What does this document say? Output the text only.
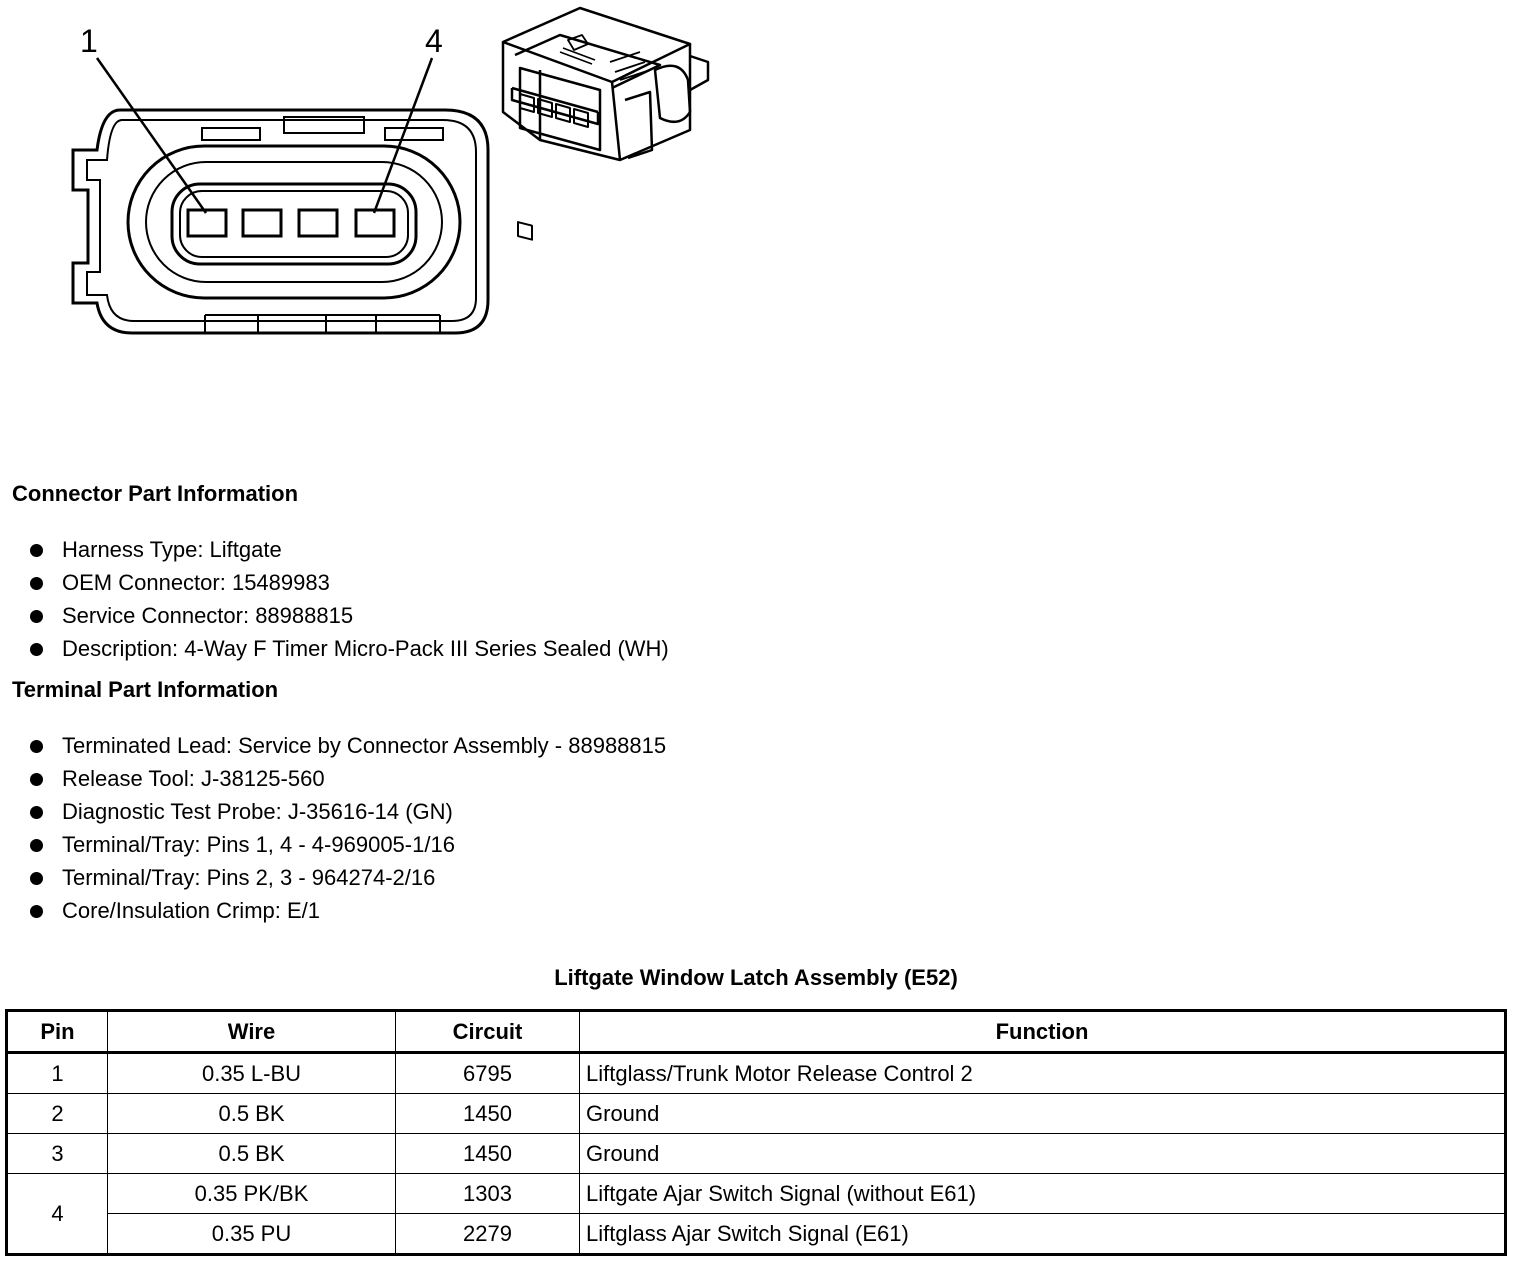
1	4
Connector Part Information
Harness Type: Liftgate
OEM Connector: 15489983
Service Connector: 88988815
Description: 4-Way F Timer Micro-Pack III Series Sealed (WH)
Terminal Part Information
Terminated Lead: Service by Connector Assembly - 88988815
Release Tool: J-38125-560
Diagnostic Test Probe: J-35616-14 (GN)
Terminal/Tray: Pins 1, 4 - 4-969005-1/16
Terminal/Tray: Pins 2, 3 - 964274-2/16
Core/Insulation Crimp: E/1
Liftgate Window Latch Assembly (E52)
Pin	Wire	Circuit	Function
1	0.35 L-BU	6795	Liftglass/Trunk Motor Release Control 2
2	0.5 BK	1450	Ground
3	0.5 BK	1450	Ground
4	0.35 PK/BK	1303	Liftgate Ajar Switch Signal (without E61)
	0.35 PU	2279	Liftglass Ajar Switch Signal (E61)
